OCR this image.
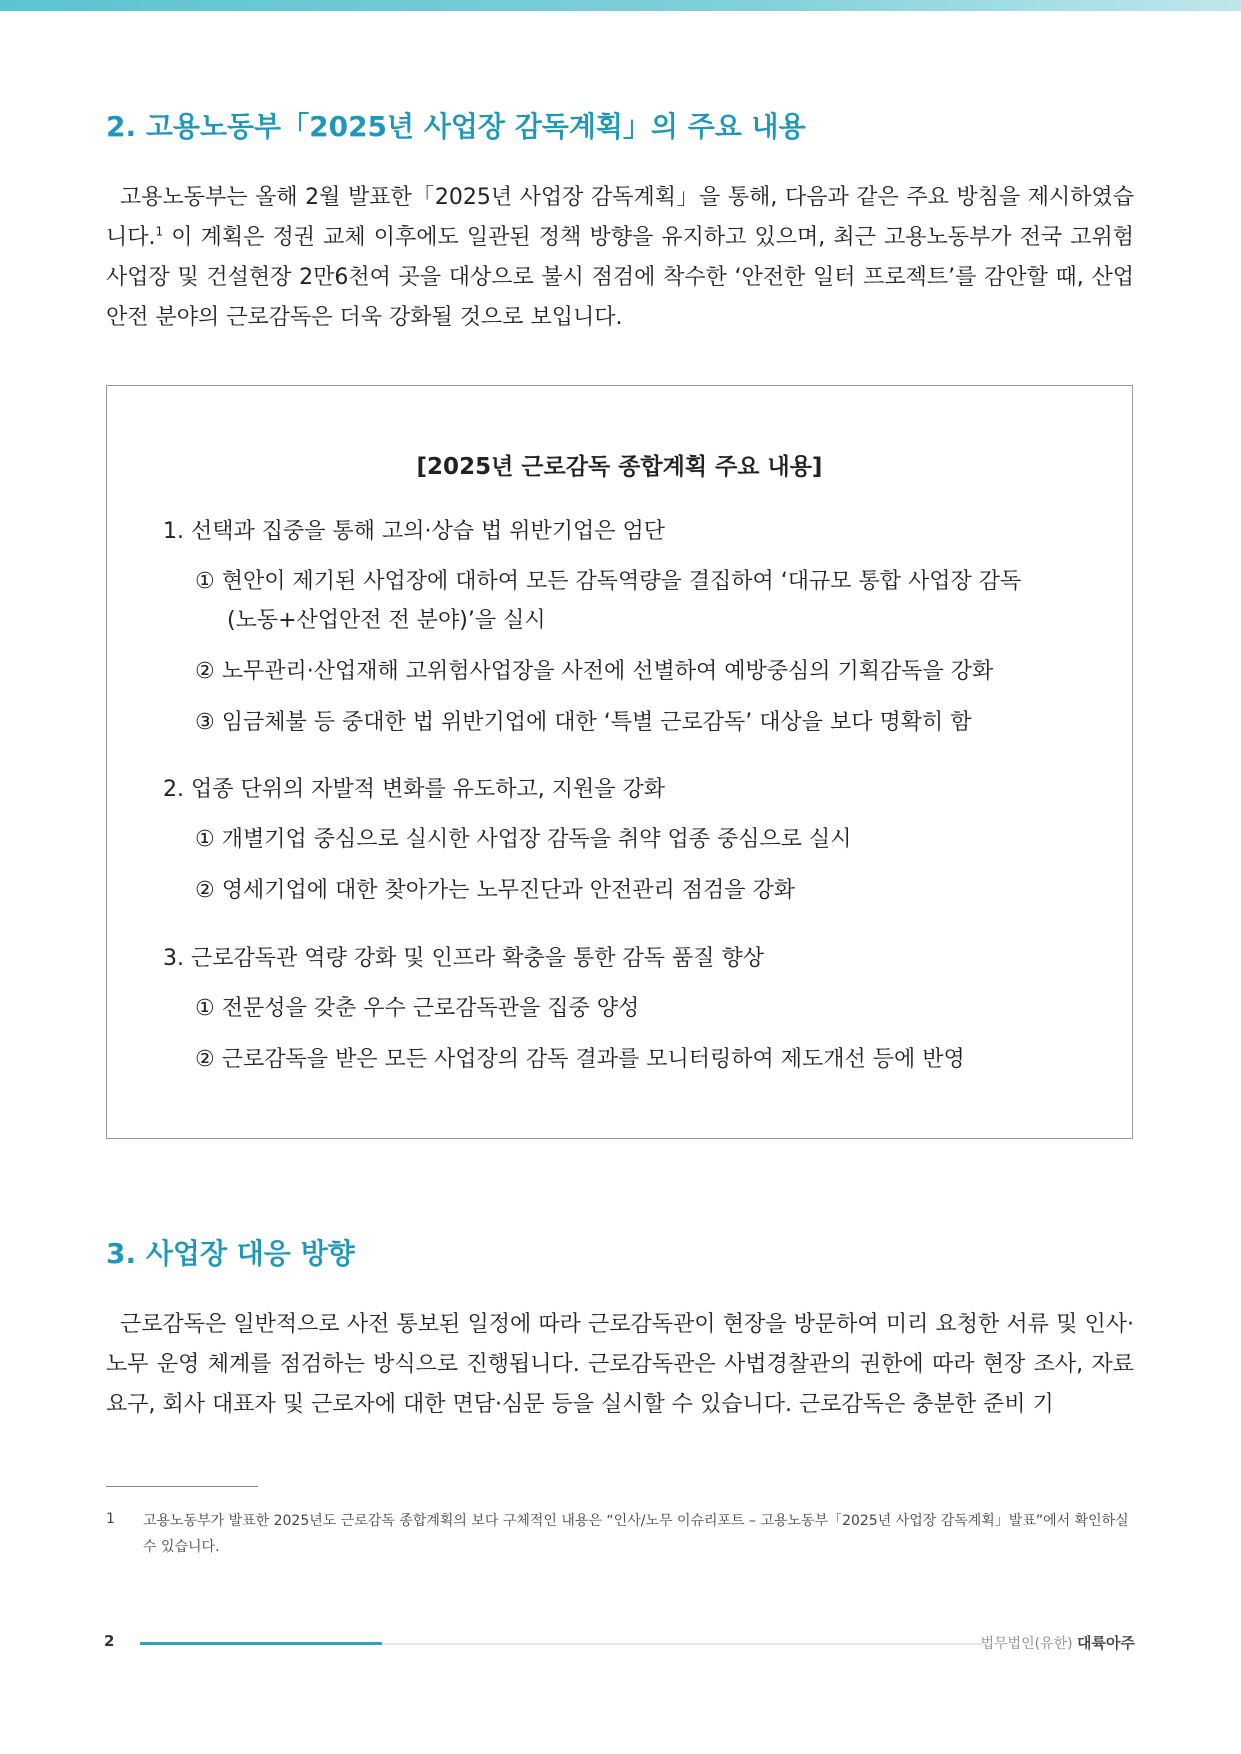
2. 고용노동부「2025년 사업장 감독계획」의 주요 내용

고용노동부는 올해 2월 발표한「2025년 사업장 감독계획」을 통해, 다음과 같은 주요 방침을 제시하였습니다.$^1$ 이 계획은 정권 교체 이후에도 일관된 정책 방향을 유지하고 있으며, 최근 고용노동부가 전국 고위험 사업장 및 건설현장 2만6천여 곳을 대상으로 불시 점검에 착수한 ‘안전한 일터 프로젝트’를 감안할 때, 산업안전 분야의 근로감독은 더욱 강화될 것으로 보입니다.

[2025년 근로감독 종합계획 주요 내용]
1. 선택과 집중을 통해 고의·상습 법 위반기업은 엄단
① 현안이 제기된 사업장에 대하여 모든 감독역량을 결집하여 ‘대규모 통합 사업장 감독
(노동+산업안전 전 분야)’을 실시
② 노무관리·산업재해 고위험사업장을 사전에 선별하여 예방중심의 기획감독을 강화
③ 임금체불 등 중대한 법 위반기업에 대한 ‘특별 근로감독’ 대상을 보다 명확히 함
2. 업종 단위의 자발적 변화를 유도하고, 지원을 강화
① 개별기업 중심으로 실시한 사업장 감독을 취약 업종 중심으로 실시
② 영세기업에 대한 찾아가는 노무진단과 안전관리 점검을 강화
3. 근로감독관 역량 강화 및 인프라 확충을 통한 감독 품질 향상
① 전문성을 갖춘 우수 근로감독관을 집중 양성
② 근로감독을 받은 모든 사업장의 감독 결과를 모니터링하여 제도개선 등에 반영
3. 사업장 대응 방향

근로감독은 일반적으로 사전 통보된 일정에 따라 근로감독관이 현장을 방문하여 미리 요청한 서류 및 인사·노무 운영 체계를 점검하는 방식으로 진행됩니다. 근로감독관은 사법경찰관의 권한에 따라 현장 조사, 자료 요구, 회사 대표자 및 근로자에 대한 면담·심문 등을 실시할 수 있습니다. 근로감독은 충분한 준비 기

1 고용노동부가 발표한 2025년도 근로감독 종합계획의 보다 구체적인 내용은 “인사/노무 이슈리포트 – 고용노동부「2025년 사업장 감독계획」발표”에서 확인하실 수 있습니다.

2	법무법인(유한) 대륙아주
